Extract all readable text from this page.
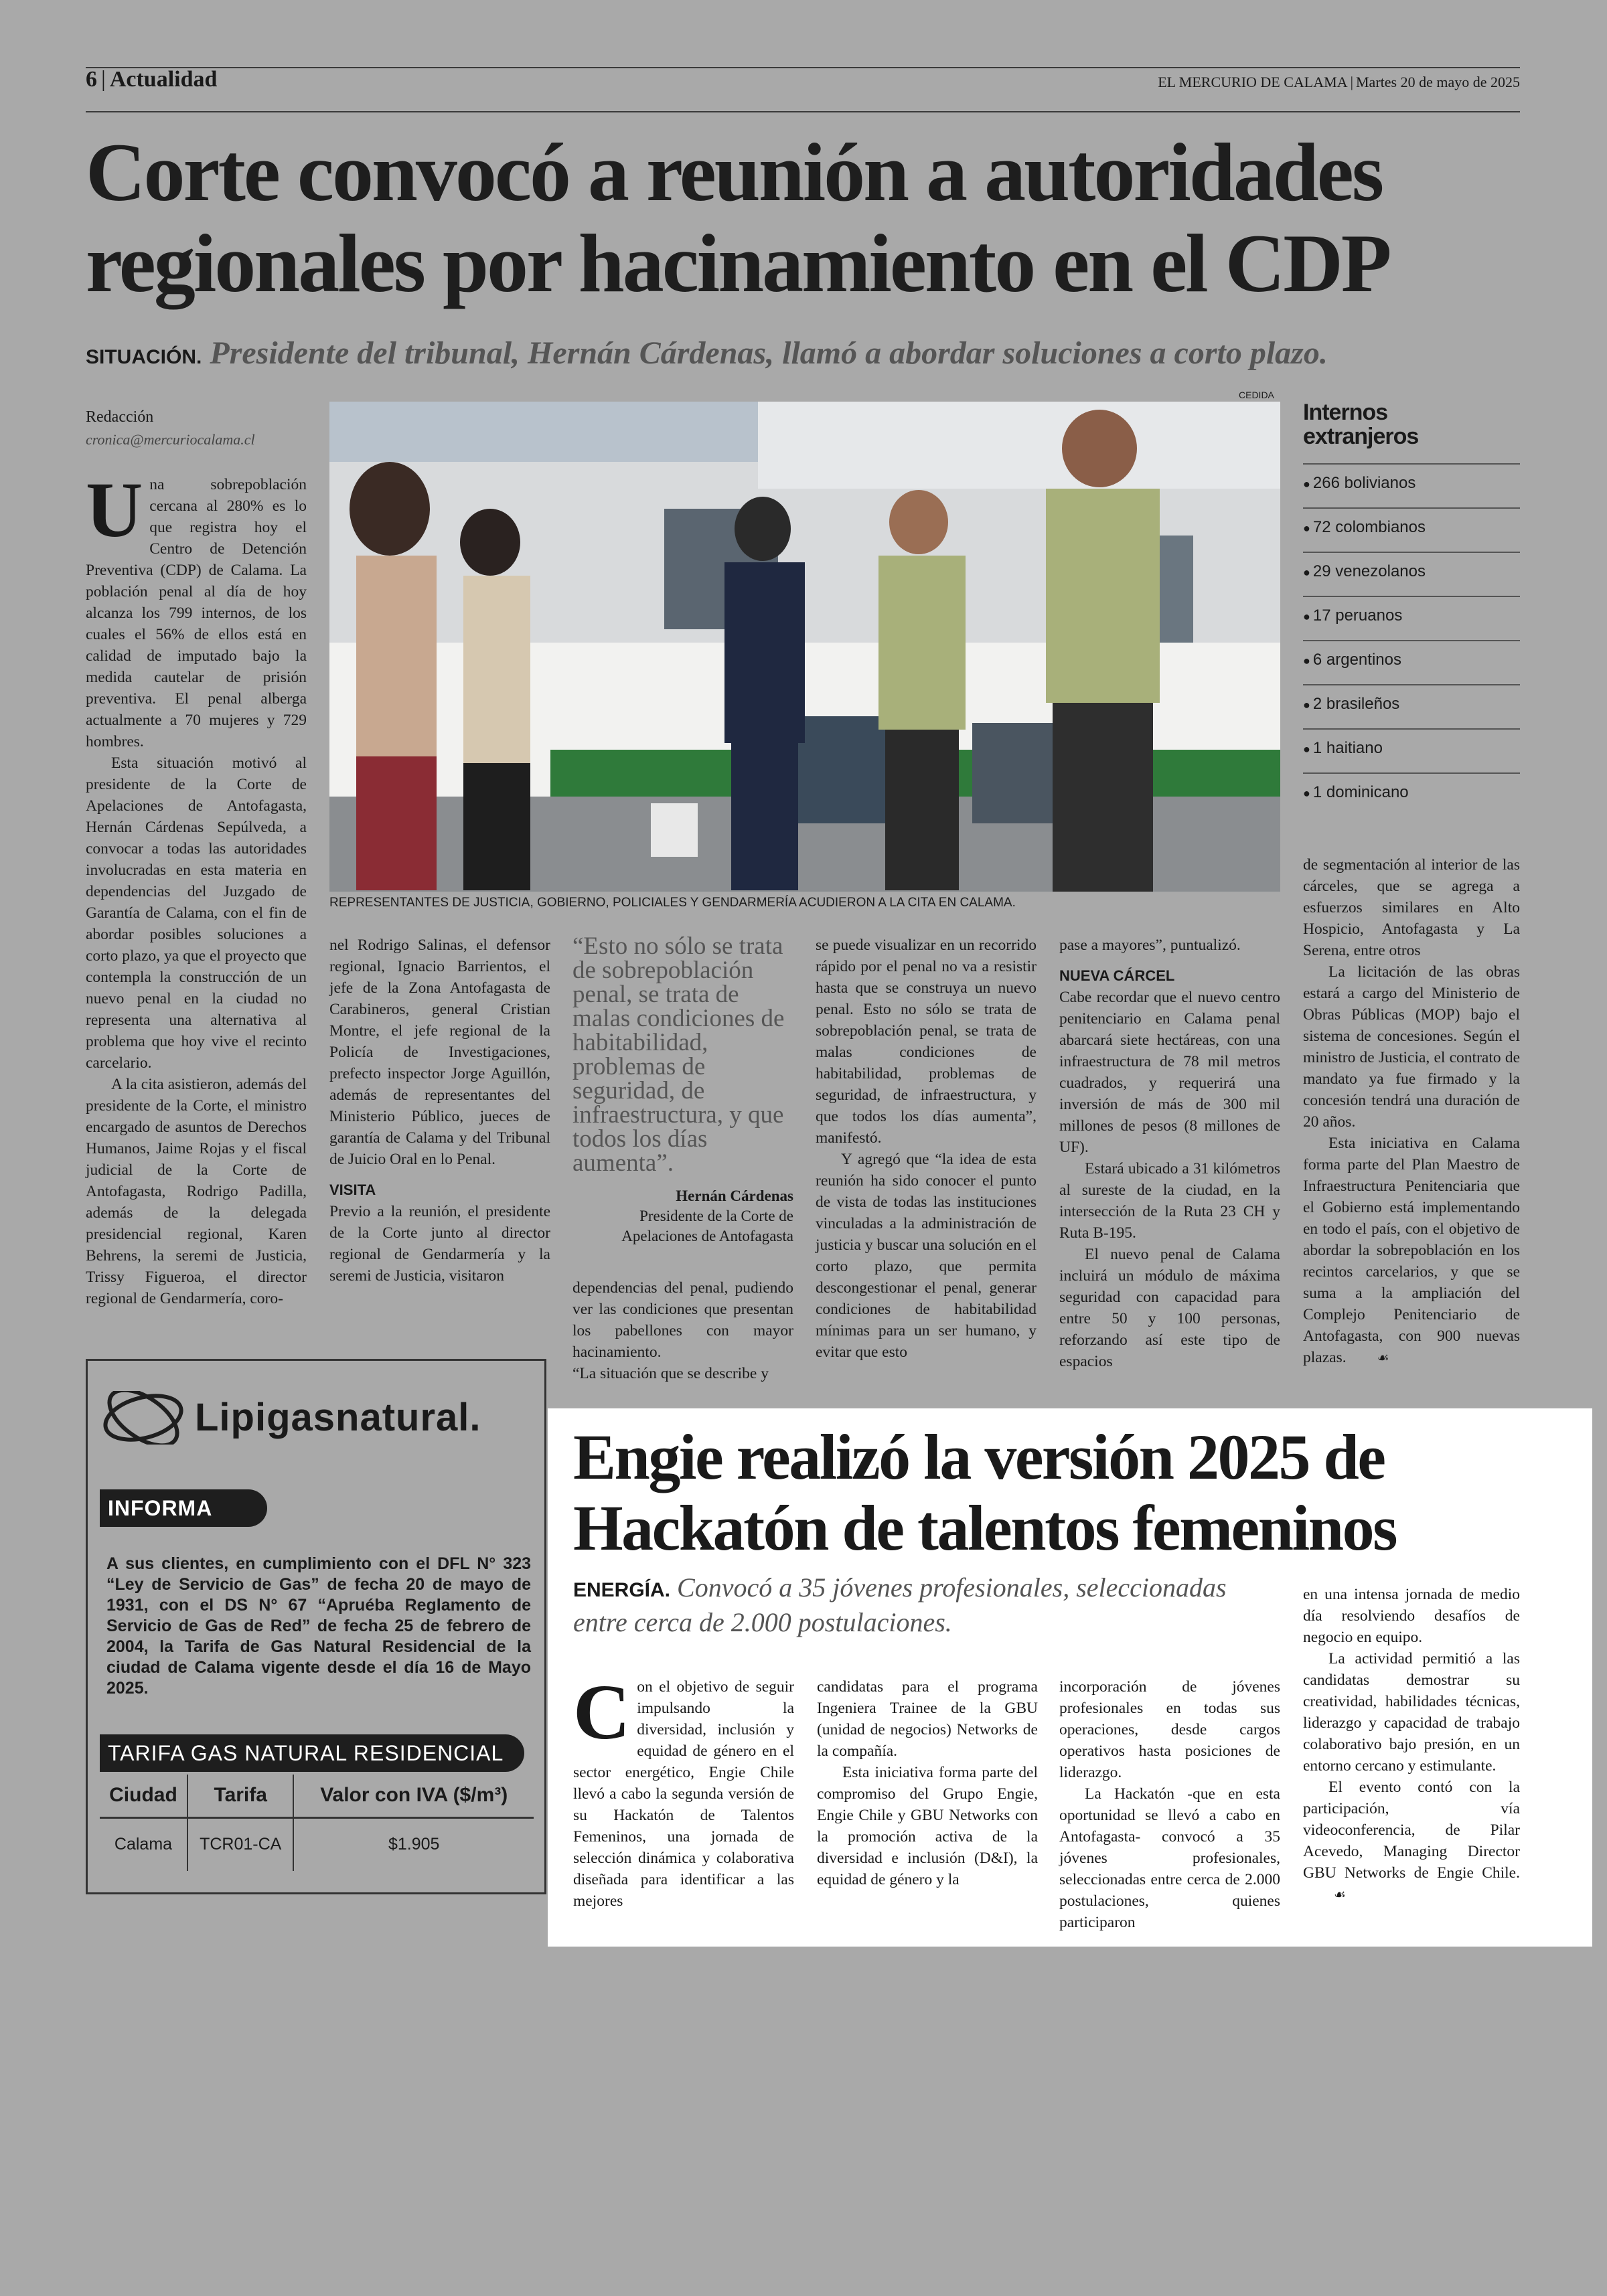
6 | Actualidad	EL MERCURIO DE CALAMA | Martes 20 de mayo de 2025
Corte convocó a reunión a autoridades regionales por hacinamiento en el CDP
SITUACIÓN. Presidente del tribunal, Hernán Cárdenas, llamó a abordar soluciones a corto plazo.
Redacción
cronica@mercuriocalama.cl

Una sobrepoblación cercana al 280% es lo que registra hoy el Centro de Detención Preventiva (CDP) de Calama. La población penal al día de hoy alcanza los 799 internos, de los cuales el 56% de ellos está en calidad de imputado bajo la medida cautelar de prisión preventiva. El penal alberga actualmente a 70 mujeres y 729 hombres.

Esta situación motivó al presidente de la Corte de Apelaciones de Antofagasta, Hernán Cárdenas Sepúlveda, a convocar a todas las autoridades involucradas en esta materia en dependencias del Juzgado de Garantía de Calama, con el fin de abordar posibles soluciones a corto plazo, ya que el proyecto que contempla la construcción de un nuevo penal en la ciudad no representa una alternativa al problema que hoy vive el recinto carcelario.

A la cita asistieron, además del presidente de la Corte, el ministro encargado de asuntos de Derechos Humanos, Jaime Rojas y el fiscal judicial de la Corte de Antofagasta, Rodrigo Padilla, además de la delegada presidencial regional, Karen Behrens, la seremi de Justicia, Trissy Figueroa, el director regional de Gendarmería, coro-

CEDIDA
REPRESENTANTES DE JUSTICIA, GOBIERNO, POLICIALES Y GENDARMERÍA ACUDIERON A LA CITA EN CALAMA.
Internos extranjeros
● 266 bolivianos
● 72 colombianos
● 29 venezolanos
● 17 peruanos
● 6 argentinos
● 2 brasileños
● 1 haitiano
● 1 dominicano

nel Rodrigo Salinas, el defensor regional, Ignacio Barrientos, el jefe de la Zona Antofagasta de Carabineros, general Cristian Montre, el jefe regional de la Policía de Investigaciones, prefecto inspector Jorge Aguillón, además de representantes del Ministerio Público, jueces de garantía de Calama y del Tribunal de Juicio Oral en lo Penal.

VISITA

Previo a la reunión, el presidente de la Corte junto al director regional de Gendarmería y la seremi de Justicia, visitaron

“Esto no sólo se trata de sobrepoblación penal, se trata de malas condiciones de habitabilidad, problemas de seguridad, de infraestructura, y que todos los días aumenta”.
Hernán Cárdenas
Presidente de la Corte de Apelaciones de Antofagasta

dependencias del penal, pudiendo ver las condiciones que presentan los pabellones con mayor hacinamiento.

“La situación que se describe y

se puede visualizar en un recorrido rápido por el penal no va a resistir hasta que se construya un nuevo penal. Esto no sólo se trata de sobrepoblación penal, se trata de malas condiciones de habitabilidad, problemas de seguridad, de infraestructura, y que todos los días aumenta”, manifestó.

Y agregó que “la idea de esta reunión ha sido conocer el punto de vista de todas las instituciones vinculadas a la administración de justicia y buscar una solución en el corto plazo, que permita descongestionar el penal, generar condiciones de habitabilidad mínimas para un ser humano, y evitar que esto

pase a mayores”, puntualizó.

NUEVA CÁRCEL

Cabe recordar que el nuevo centro penitenciario en Calama penal abarcará siete hectáreas, con una infraestructura de 78 mil metros cuadrados, y requerirá una inversión de más de 300 mil millones de pesos (8 millones de UF).

Estará ubicado a 31 kilómetros al sureste de la ciudad, en la intersección de la Ruta 23 CH y Ruta B-195.

El nuevo penal de Calama incluirá un módulo de máxima seguridad con capacidad para entre 50 y 100 personas, reforzando así este tipo de espacios

de segmentación al interior de las cárceles, que se agrega a esfuerzos similares en Alto Hospicio, Antofagasta y La Serena, entre otros

La licitación de las obras estará a cargo del Ministerio de Obras Públicas (MOP) bajo el sistema de concesiones. Según el ministro de Justicia, el contrato de mandato ya fue firmado y la concesión tendrá una duración de 20 años.

Esta iniciativa en Calama forma parte del Plan Maestro de Infraestructura Penitenciaria que el Gobierno está implementando en todo el país, con el objetivo de abordar la sobrepoblación en los recintos carcelarios, y que se suma a la ampliación del Complejo Penitenciario de Antofagasta, con 900 nuevas plazas. ☙

Lipigasnatural.
INFORMA
A sus clientes, en cumplimiento con el DFL N° 323 “Ley de Servicio de Gas” de fecha 20 de mayo de 1931, con el DS N° 67 “Apruéba Reglamento de Servicio de Gas de Red” de fecha 25 de febrero de 2004, la Tarifa de Gas Natural Residencial de la ciudad de Calama vigente desde el día 16 de Mayo 2025.
TARIFA GAS NATURAL RESIDENCIAL
Ciudad	Tarifa	Valor con IVA ($/m³)
Calama	TCR01-CA	$1.905
Engie realizó la versión 2025 de Hackatón de talentos femeninos
ENERGÍA. Convocó a 35 jóvenes profesionales, seleccionadas entre cerca de 2.000 postulaciones.

Con el objetivo de seguir impulsando la diversidad, inclusión y equidad de género en el sector energético, Engie Chile llevó a cabo la segunda versión de su Hackatón de Talentos Femeninos, una jornada de selección dinámica y colaborativa diseñada para identificar a las mejores

candidatas para el programa Ingeniera Trainee de la GBU (unidad de negocios) Networks de la compañía.

Esta iniciativa forma parte del compromiso del Grupo Engie, Engie Chile y GBU Networks con la promoción activa de la diversidad e inclusión (D&I), la equidad de género y la

incorporación de jóvenes profesionales en todas sus operaciones, desde cargos operativos hasta posiciones de liderazgo.

La Hackatón -que en esta oportunidad se llevó a cabo en Antofagasta- convocó a 35 jóvenes profesionales, seleccionadas entre cerca de 2.000 postulaciones, quienes participaron

en una intensa jornada de medio día resolviendo desafíos de negocio en equipo.

La actividad permitió a las candidatas demostrar su creatividad, habilidades técnicas, liderazgo y capacidad de trabajo colaborativo bajo presión, en un entorno cercano y estimulante.

El evento contó con la participación, vía videoconferencia, de Pilar Acevedo, Managing Director GBU Networks de Engie Chile.☙
